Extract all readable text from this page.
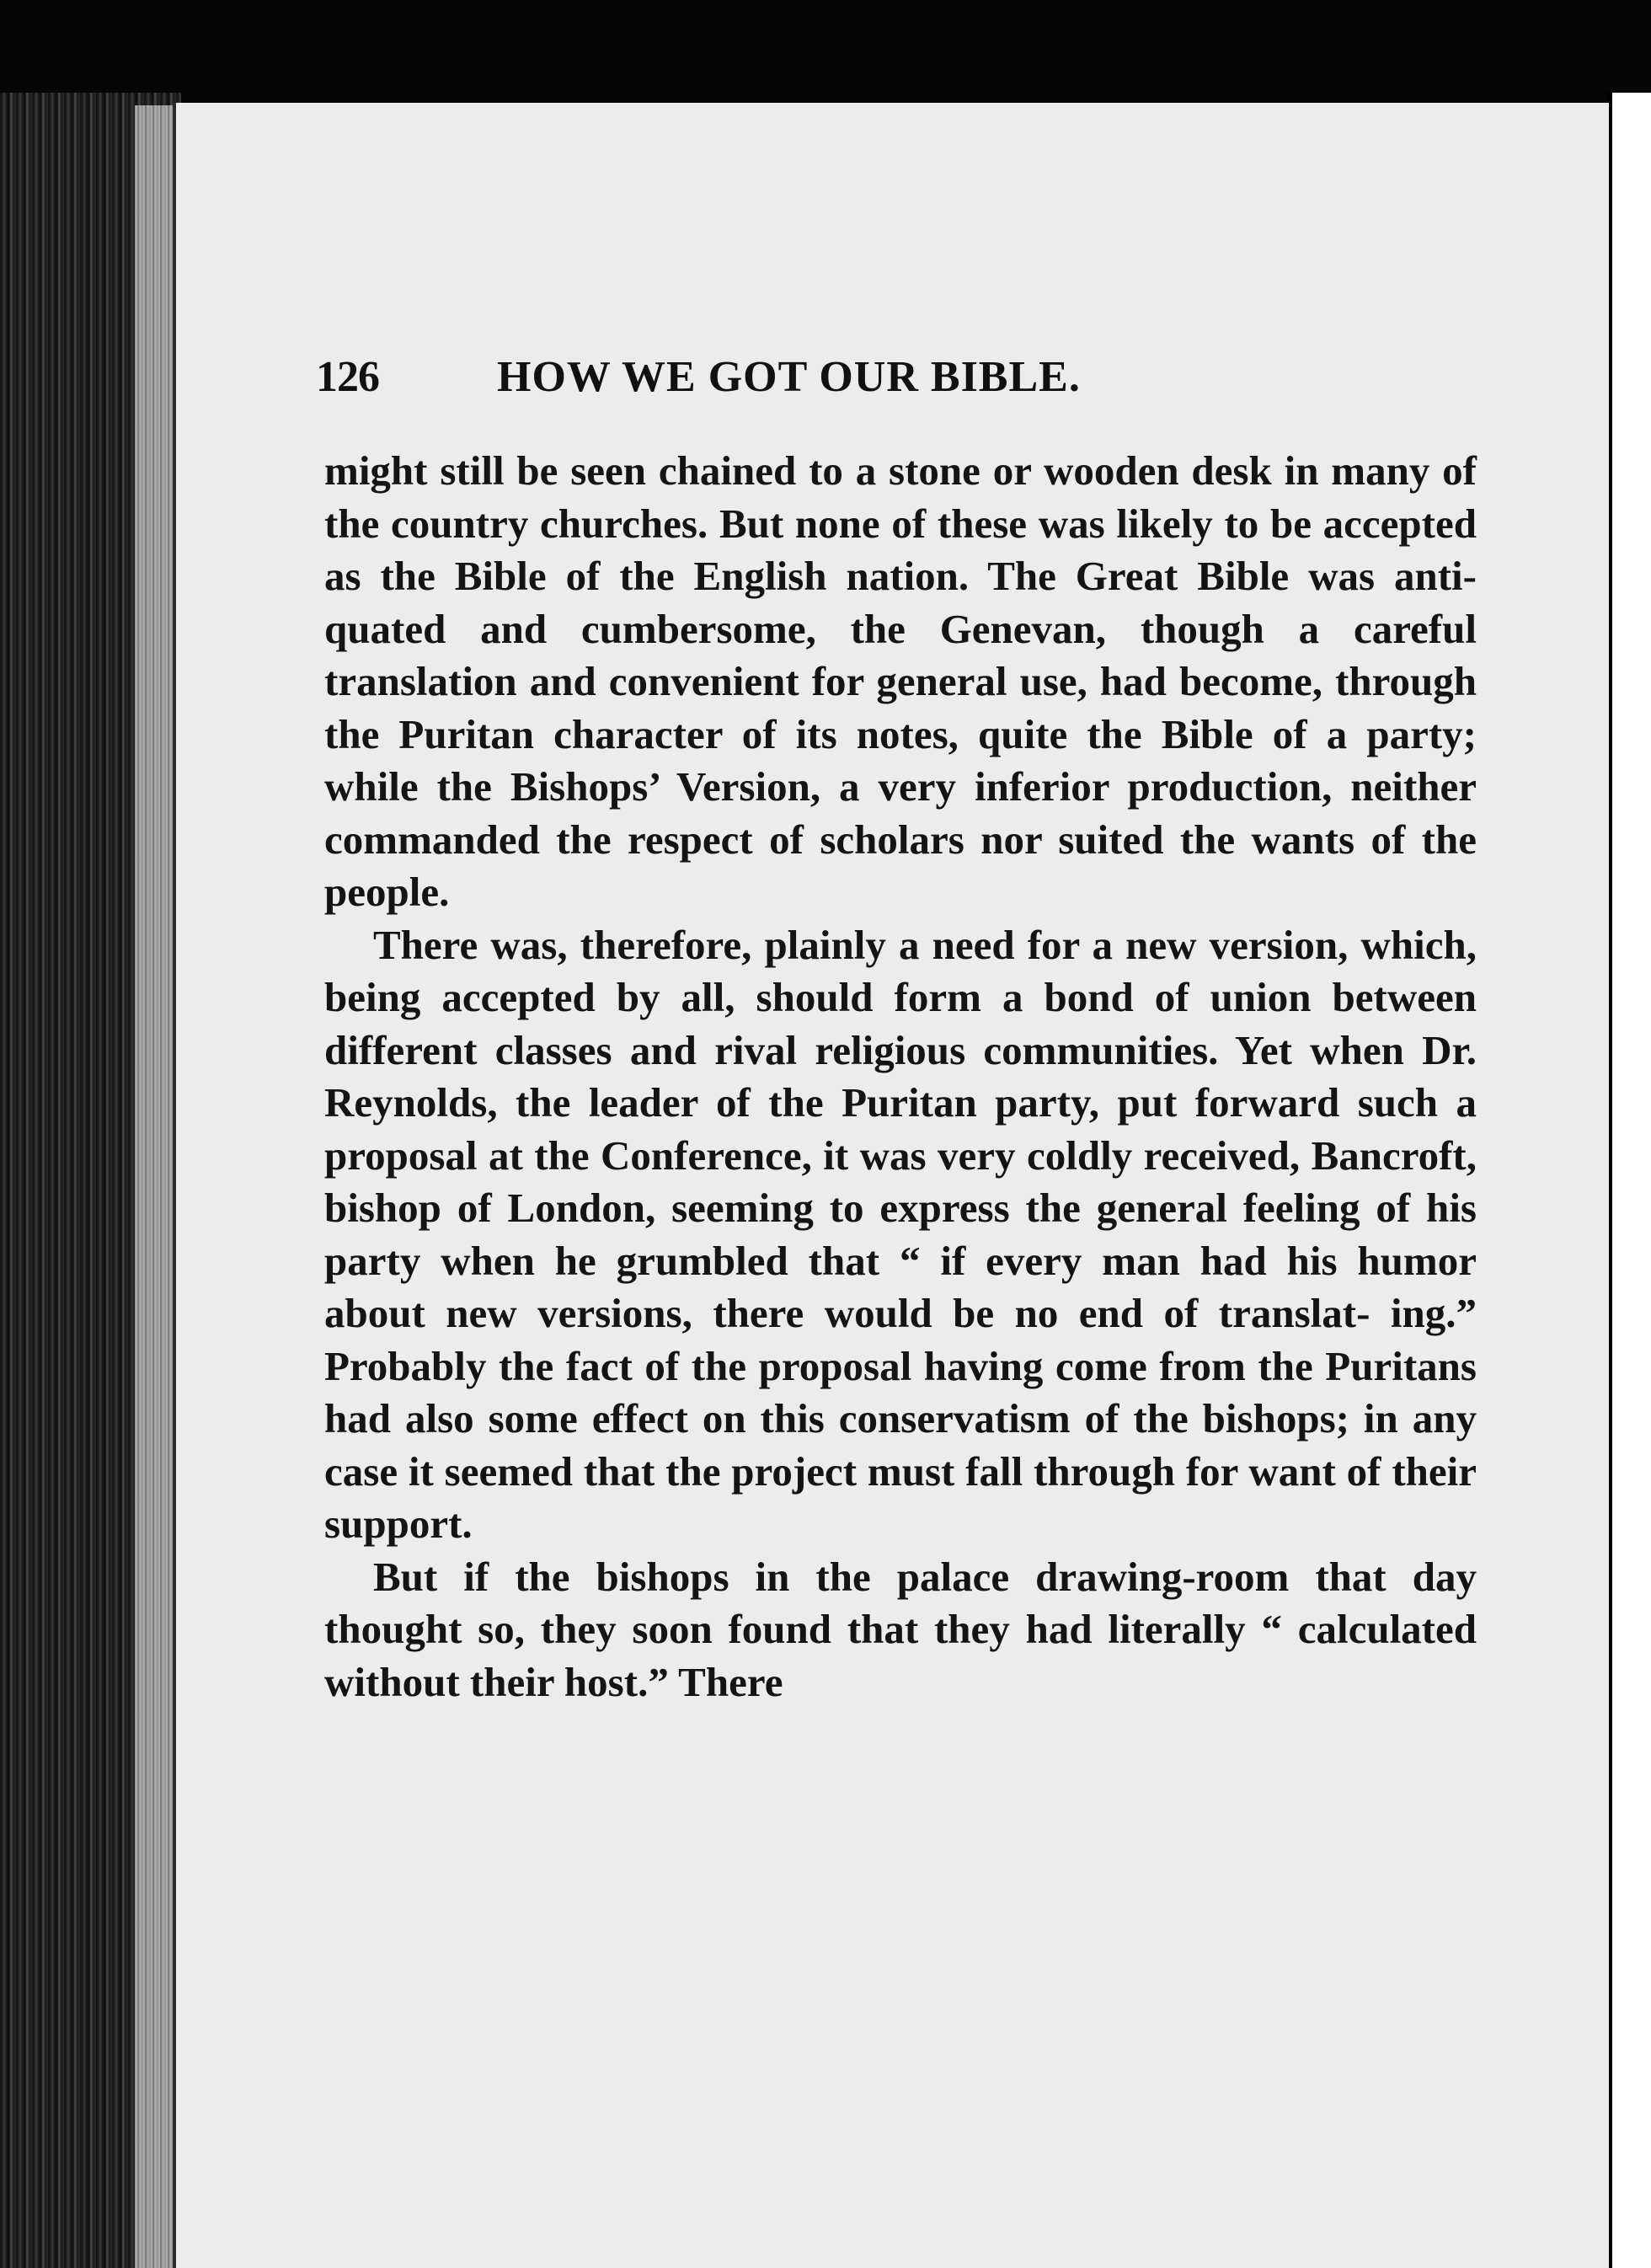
126	HOW WE GOT OUR BIBLE.

might still be seen chained to a stone or wooden desk in many of the country churches. But none of these was likely to be accepted as the Bible of the English nation. The Great Bible was anti- quated and cumbersome, the Genevan, though a careful translation and convenient for general use, had become, through the Puritan character of its notes, quite the Bible of a party; while the Bishops’ Version, a very inferior production, neither commanded the respect of scholars nor suited the wants of the people.

There was, therefore, plainly a need for a new version, which, being accepted by all, should form a bond of union between different classes and rival religious communities. Yet when Dr. Reynolds, the leader of the Puritan party, put forward such a proposal at the Conference, it was very coldly received, Bancroft, bishop of London, seeming to express the general feeling of his party when he grumbled that “ if every man had his humor about new versions, there would be no end of translat- ing.” Probably the fact of the proposal having come from the Puritans had also some effect on this conservatism of the bishops; in any case it seemed that the project must fall through for want of their support.

But if the bishops in the palace drawing-room that day thought so, they soon found that they had literally “ calculated without their host.” There
